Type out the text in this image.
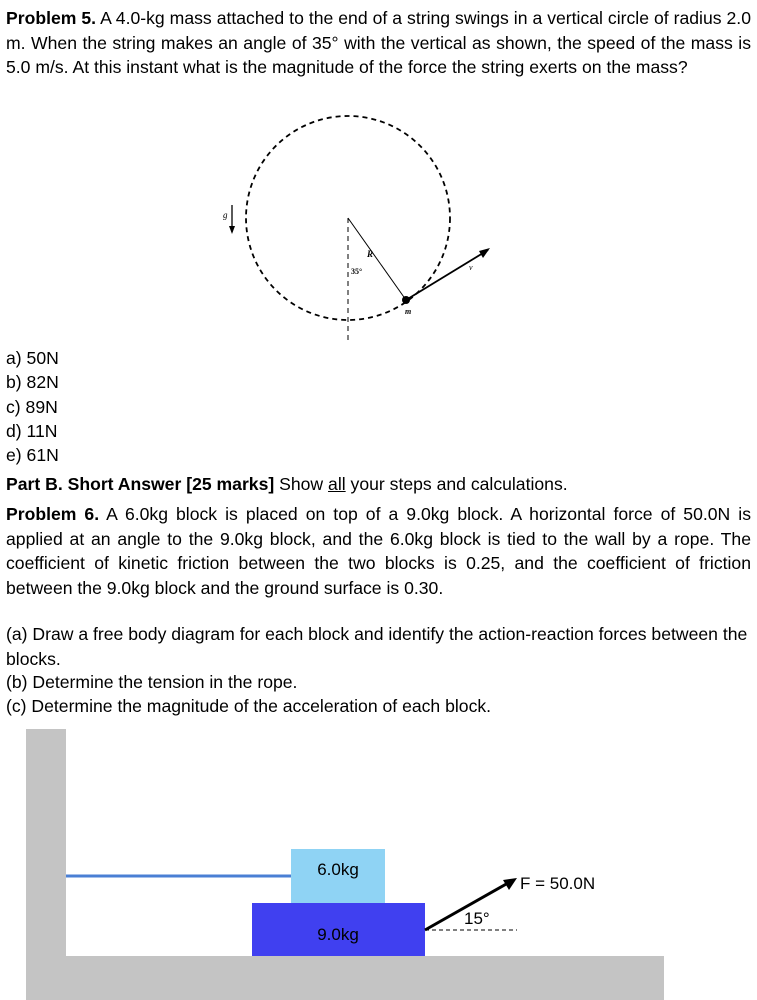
Problem 5. A 4.0-kg mass attached to the end of a string swings in a vertical circle of radius 2.0 m. When the string makes an angle of 35° with the vertical as shown, the speed of the mass is 5.0 m/s. At this instant what is the magnitude of the force the string exerts on the mass?
g
R
35°	v
m
a) 50N
b) 82N
c) 89N
d) 11N
e) 61N
Part B. Short Answer [25 marks] Show all your steps and calculations.
Problem 6. A 6.0kg block is placed on top of a 9.0kg block. A horizontal force of 50.0N is applied at an angle to the 9.0kg block, and the 6.0kg block is tied to the wall by a rope. The coefficient of kinetic friction between the two blocks is 0.25, and the coefficient of friction between the 9.0kg block and the ground surface is 0.30.
(a) Draw a free body diagram for each block and identify the action-reaction forces between the blocks.
(b) Determine the tension in the rope.
(c) Determine the magnitude of the acceleration of each block.
6.0kg
9.0kg
F = 50.0N
15°
